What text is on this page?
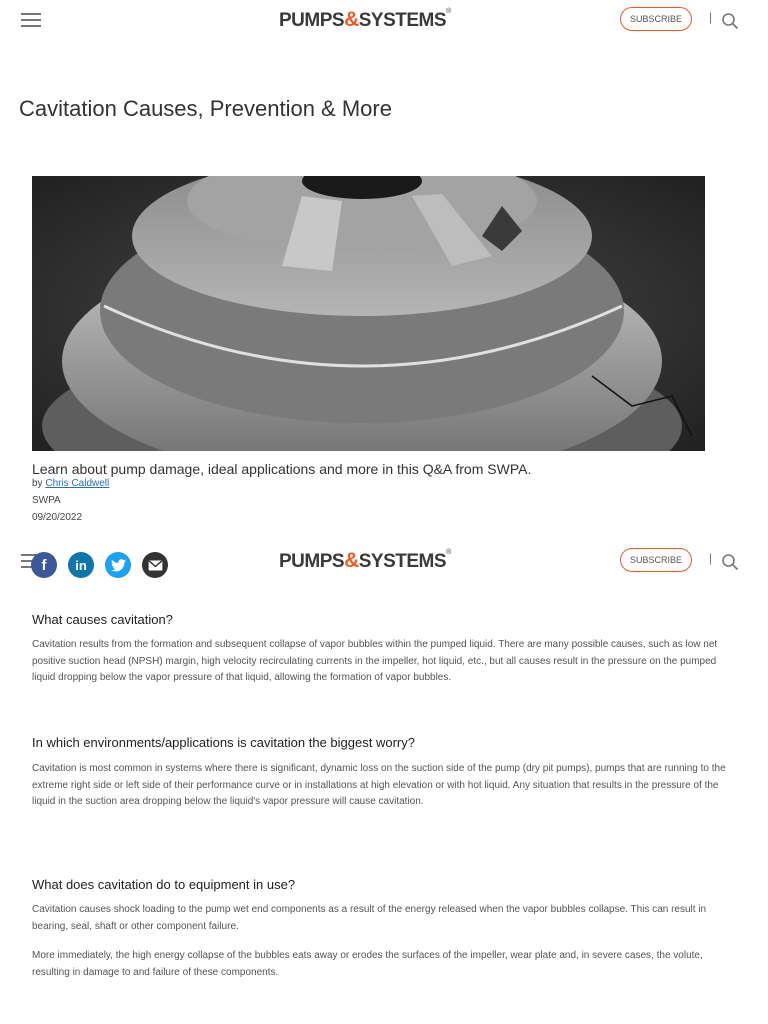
PUMPS&SYSTEMS®
SUBSCRIBE	|
Cavitation Causes, Prevention & More
Learn about pump damage, ideal applications and more in this Q&A from SWPA.
by Chris Caldwell
SWPA
09/20/2022
PUMPS&SYSTEMS®
SUBSCRIBE	|
f	in
What causes cavitation?

Cavitation results from the formation and subsequent collapse of vapor bubbles within the pumped liquid. There are many possible causes, such as low net positive suction head (NPSH) margin, high velocity recirculating currents in the impeller, hot liquid, etc., but all causes result in the pressure on the pumped liquid dropping below the vapor pressure of that liquid, allowing the formation of vapor bubbles.

In which environments/applications is cavitation the biggest worry?

Cavitation is most common in systems where there is significant, dynamic loss on the suction side of the pump (dry pit pumps), pumps that are running to the extreme right side or left side of their performance curve or in installations at high elevation or with hot liquid. Any situation that results in the pressure of the liquid in the suction area dropping below the liquid's vapor pressure will cause cavitation.

What does cavitation do to equipment in use?

Cavitation causes shock loading to the pump wet end components as a result of the energy released when the vapor bubbles collapse. This can result in bearing, seal, shaft or other component failure.

More immediately, the high energy collapse of the bubbles eats away or erodes the surfaces of the impeller, wear plate and, in severe cases, the volute, resulting in damage to and failure of these components.
